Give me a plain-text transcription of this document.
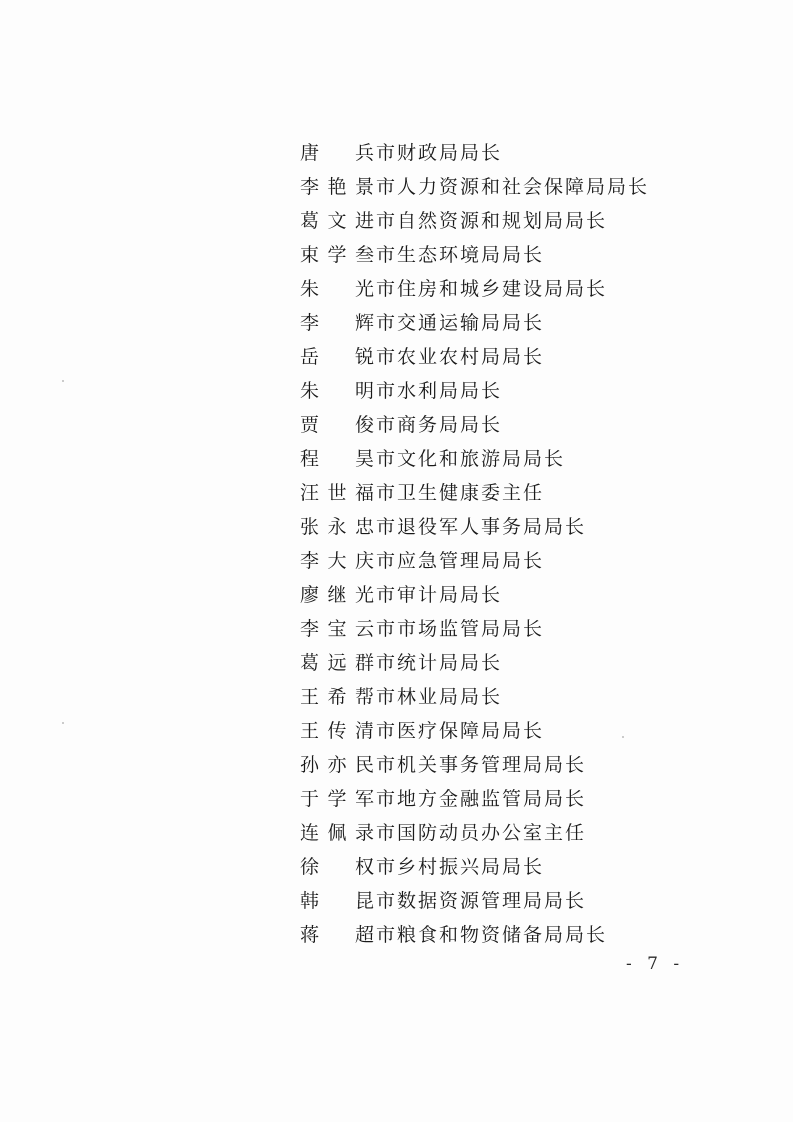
唐 兵 市财政局局长
李 艳 景 市人力资源和社会保障局局长
葛 文 进 市自然资源和规划局局长
束 学 叁 市生态环境局局长
朱 光 市住房和城乡建设局局长
李 辉 市交通运输局局长
岳 锐 市农业农村局局长
朱 明 市水利局局长
贾 俊 市商务局局长
程 昊 市文化和旅游局局长
汪 世 福 市卫生健康委主任
张 永 忠 市退役军人事务局局长
李 大 庆 市应急管理局局长
廖 继 光 市审计局局长
李 宝 云 市市场监管局局长
葛 远 群 市统计局局长
王 希 帮 市林业局局长
王 传 清 市医疗保障局局长
孙 亦 民 市机关事务管理局局长
于 学 军 市地方金融监管局局长
连 佩 录 市国防动员办公室主任
徐 权 市乡村振兴局局长
韩 昆 市数据资源管理局局长
蒋 超 市粮食和物资储备局局长
- 7 -
